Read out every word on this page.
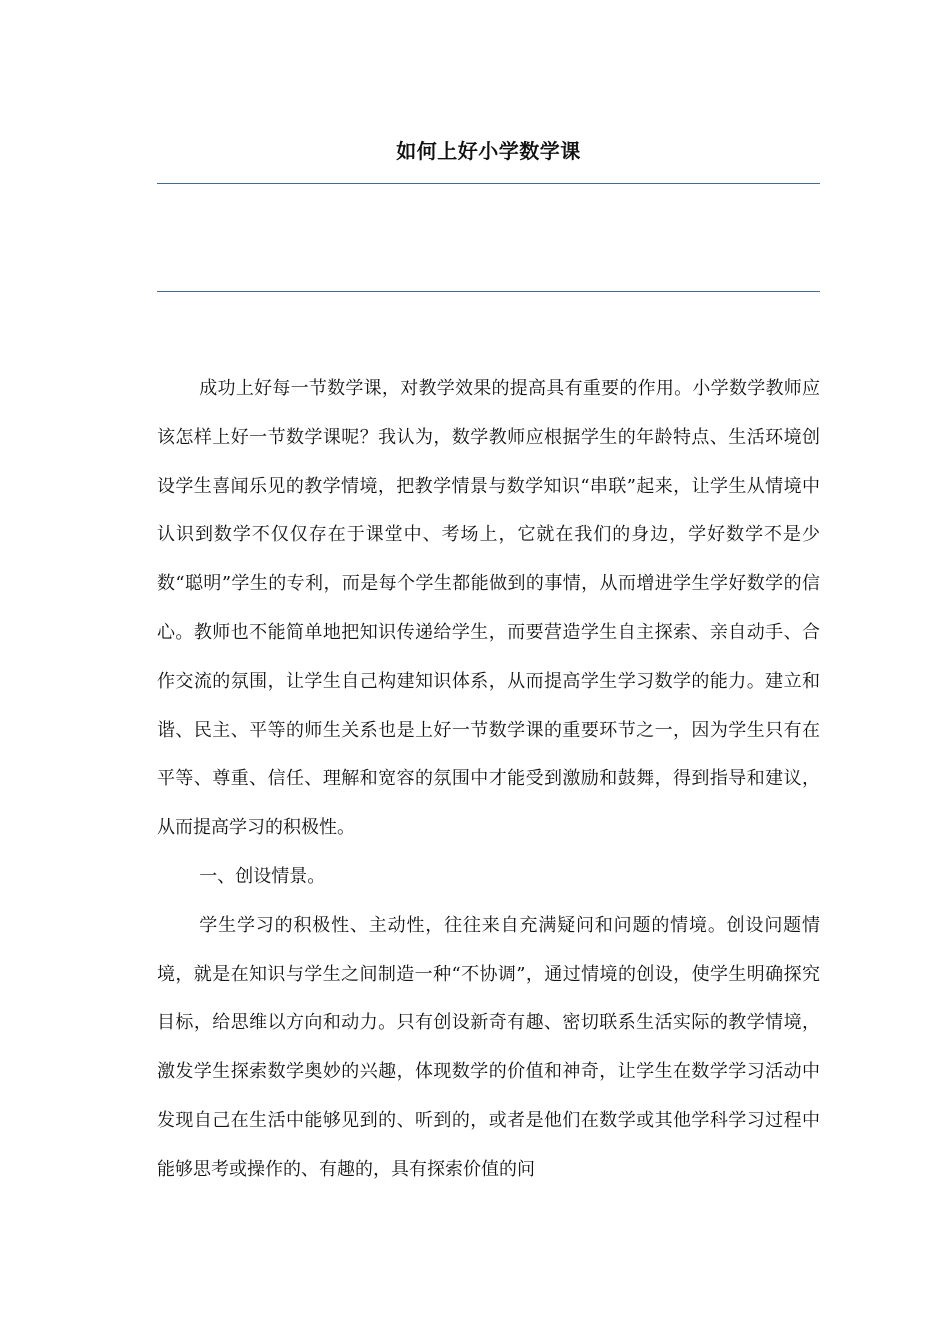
如何上好小学数学课

成功上好每一节数学课，对教学效果的提高具有重要的作用。小学数学教师应该怎样上好一节数学课呢？我认为，数学教师应根据学生的年龄特点、生活环境创设学生喜闻乐见的教学情境，把教学情景与数学知识“串联”起来，让学生从情境中认识到数学不仅仅存在于课堂中、考场上，它就在我们的身边，学好数学不是少数“聪明”学生的专利，而是每个学生都能做到的事情，从而增进学生学好数学的信心。教师也不能简单地把知识传递给学生，而要营造学生自主探索、亲自动手、合作交流的氛围，让学生自己构建知识体系，从而提高学生学习数学的能力。建立和谐、民主、平等的师生关系也是上好一节数学课的重要环节之一，因为学生只有在平等、尊重、信任、理解和宽容的氛围中才能受到激励和鼓舞，得到指导和建议，从而提高学习的积极性。

一、创设情景。

学生学习的积极性、主动性，往往来自充满疑问和问题的情境。创设问题情境，就是在知识与学生之间制造一种“不协调”，通过情境的创设，使学生明确探究目标，给思维以方向和动力。只有创设新奇有趣、密切联系生活实际的教学情境，激发学生探索数学奥妙的兴趣，体现数学的价值和神奇，让学生在数学学习活动中发现自己在生活中能够见到的、听到的，或者是他们在数学或其他学科学习过程中能够思考或操作的、有趣的，具有探索价值的问
